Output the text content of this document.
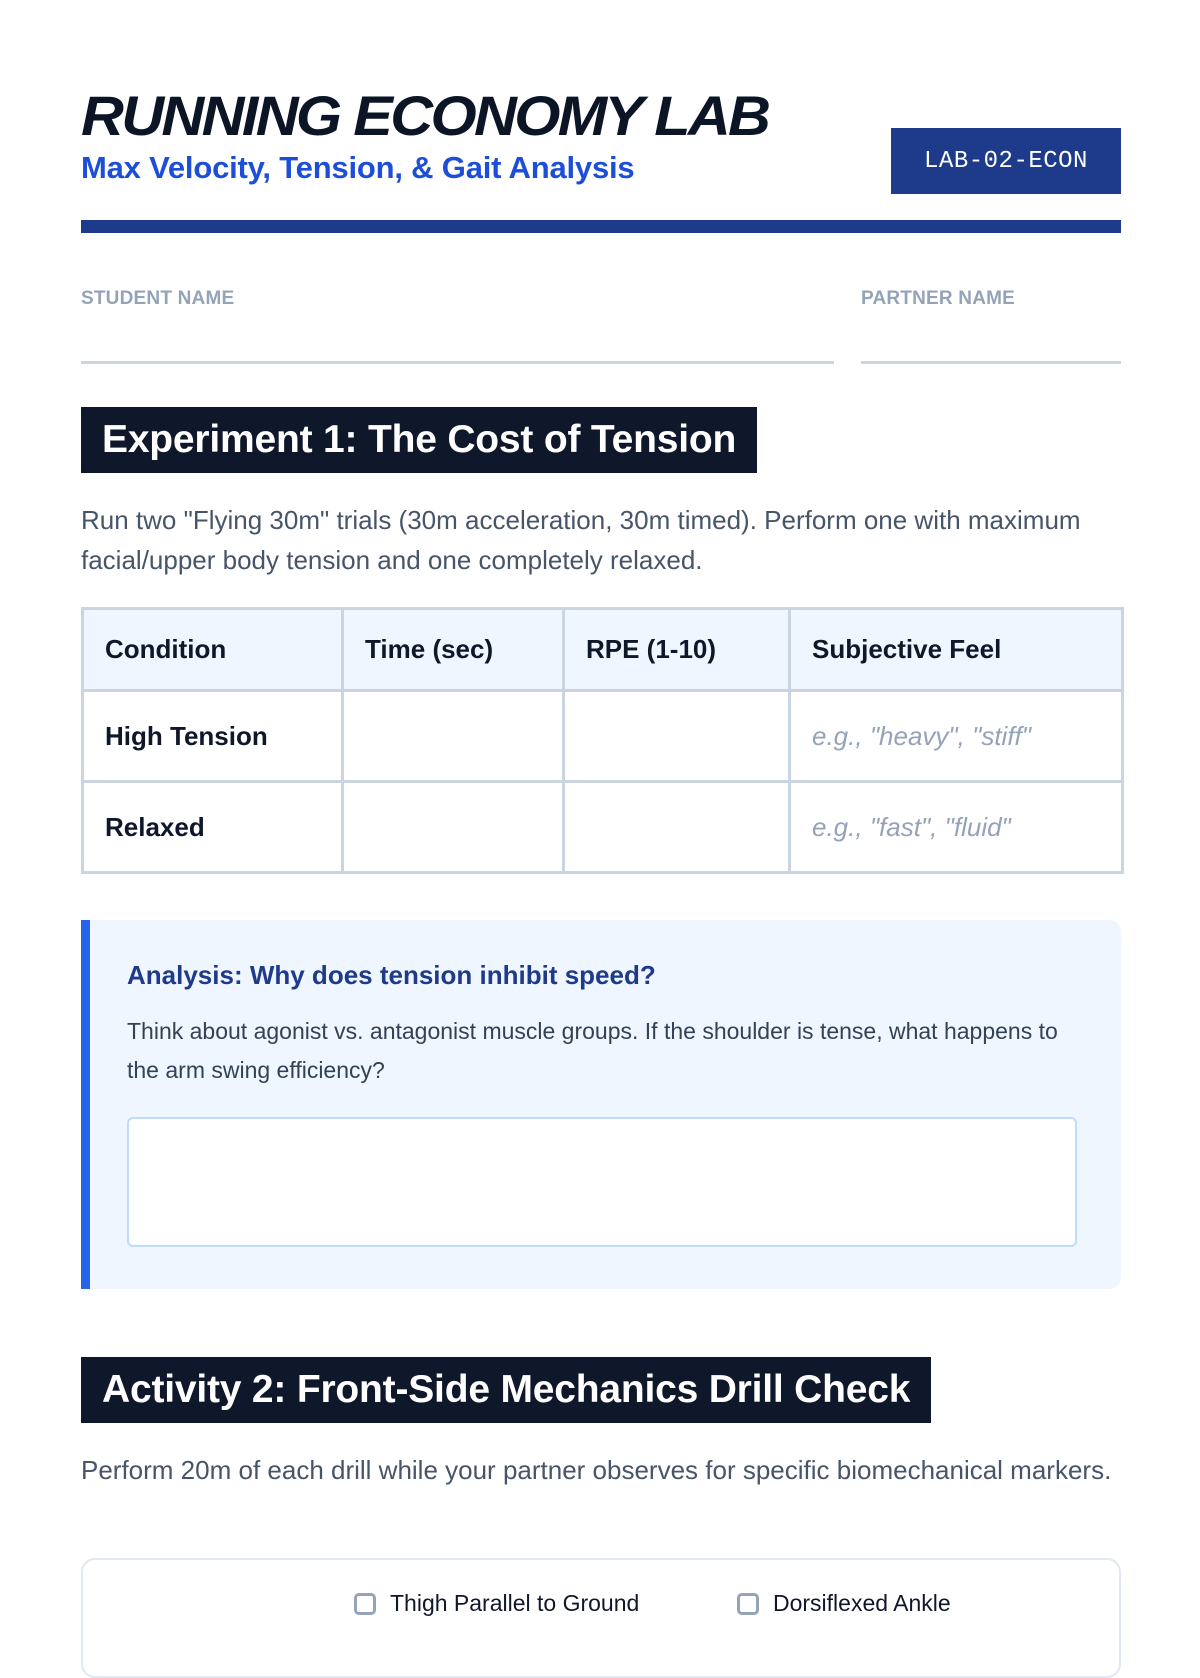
RUNNING ECONOMY LAB
Max Velocity, Tension, & Gait Analysis	LAB-02-ECON
STUDENT NAME	PARTNER NAME
Experiment 1: The Cost of Tension
Run two "Flying 30m" trials (30m acceleration, 30m timed). Perform one with maximum facial/upper body tension and one completely relaxed.
Condition	Time (sec)	RPE (1-10)	Subjective Feel
High Tension			e.g., "heavy", "stiff"
Relaxed			e.g., "fast", "fluid"
Analysis: Why does tension inhibit speed?
Think about agonist vs. antagonist muscle groups. If the shoulder is tense, what happens to the arm swing efficiency?
Activity 2: Front-Side Mechanics Drill Check
Perform 20m of each drill while your partner observes for specific biomechanical markers.
Thigh Parallel to Ground	Dorsiflexed Ankle
